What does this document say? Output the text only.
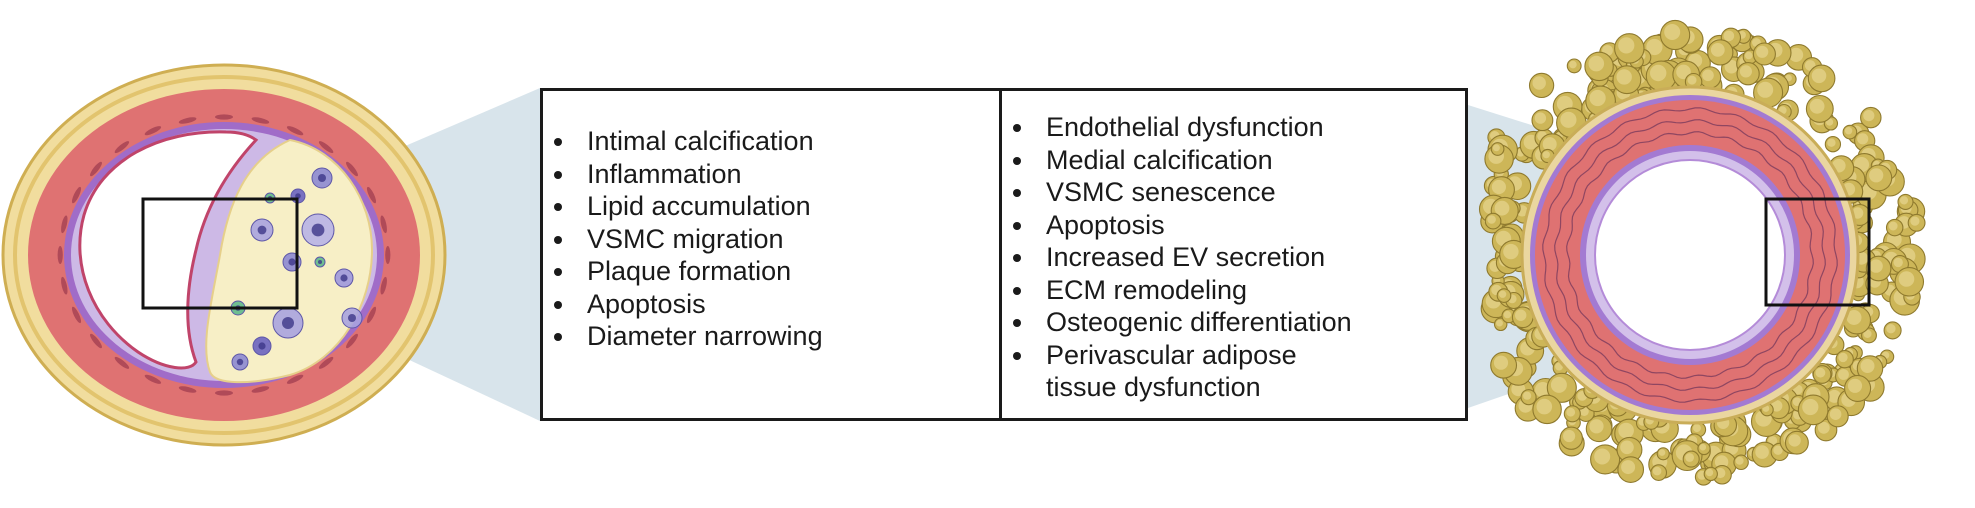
Intimal calcification
Inflammation
Lipid accumulation
VSMC migration
Plaque formation
Apoptosis
Diameter narrowing
Endothelial dysfunction
Medial calcification
VSMC senescence
Apoptosis
Increased EV secretion
ECM remodeling
Osteogenic differentiation
Perivascular adipose
tissue dysfunction
